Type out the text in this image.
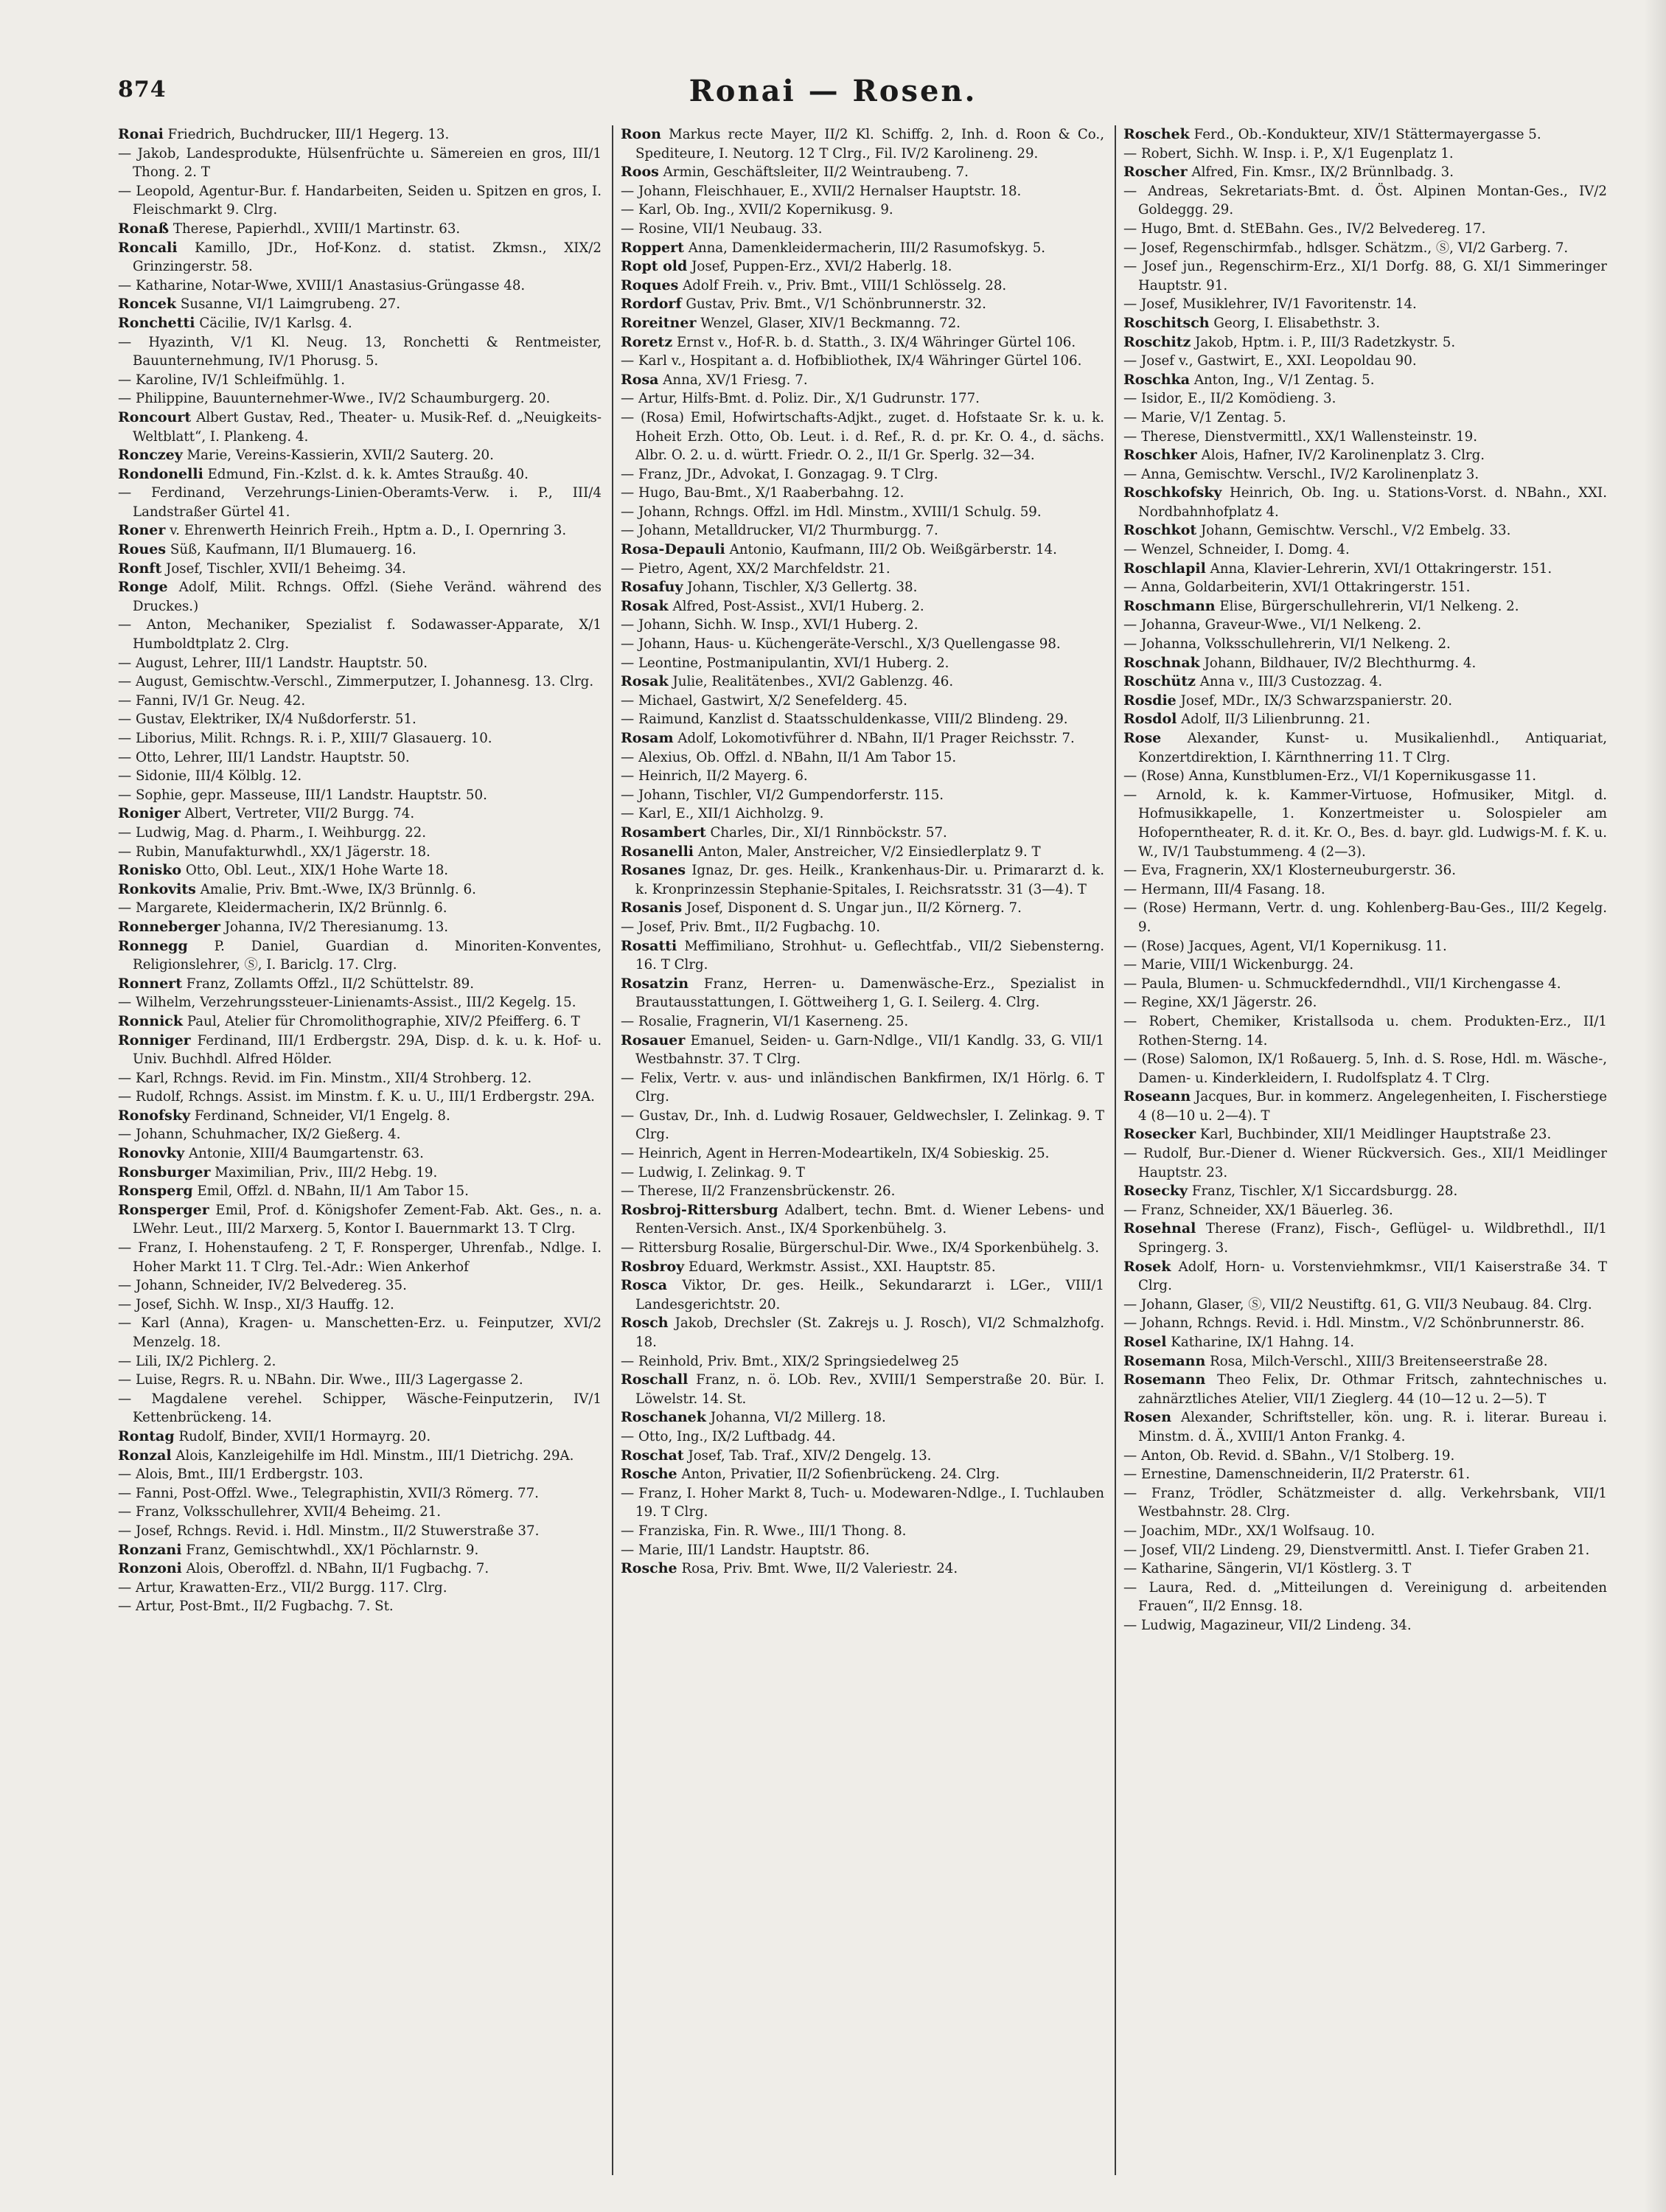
874	Ronai — Rosen.
Ronai Friedrich, Buchdrucker, III/1 Hegerg. 13.
— Jakob, Landesprodukte, Hülsenfrüchte u. Sämereien en gros, III/1 Thong. 2. T
— Leopold, Agentur-Bur. f. Handarbeiten, Seiden u. Spitzen en gros, I. Fleischmarkt 9. Clrg.
Ronaß Therese, Papierhdl., XVIII/1 Martinstr. 63.
Roncali Kamillo, JDr., Hof-Konz. d. statist. Zkmsn., XIX/2 Grinzingerstr. 58.
— Katharine, Notar-Wwe, XVIII/1 Anastasius-Grüngasse 48.
Roncek Susanne, VI/1 Laimgrubeng. 27.
Ronchetti Cäcilie, IV/1 Karlsg. 4.
— Hyazinth, V/1 Kl. Neug. 13, Ronchetti & Rentmeister, Bauunternehmung, IV/1 Phorusg. 5.
— Karoline, IV/1 Schleifmühlg. 1.
— Philippine, Bauunternehmer-Wwe., IV/2 Schaumburgerg. 20.
Roncourt Albert Gustav, Red., Theater- u. Musik-Ref. d. „Neuigkeits-Weltblatt“, I. Plankeng. 4.
Ronczey Marie, Vereins-Kassierin, XVII/2 Sauterg. 20.
Rondonelli Edmund, Fin.-Kzlst. d. k. k. Amtes Straußg. 40.
— Ferdinand, Verzehrungs-Linien-Oberamts-Verw. i. P., III/4 Landstraßer Gürtel 41.
Roner v. Ehrenwerth Heinrich Freih., Hptm a. D., I. Opernring 3.
Roues Süß, Kaufmann, II/1 Blumauerg. 16.
Ronft Josef, Tischler, XVII/1 Beheimg. 34.
Ronge Adolf, Milit. Rchngs. Offzl. (Siehe Veränd. während des Druckes.)
— Anton, Mechaniker, Spezialist f. Sodawasser-Apparate, X/1 Humboldtplatz 2. Clrg.
— August, Lehrer, III/1 Landstr. Hauptstr. 50.
— August, Gemischtw.-Verschl., Zimmerputzer, I. Johannesg. 13. Clrg.
— Fanni, IV/1 Gr. Neug. 42.
— Gustav, Elektriker, IX/4 Nußdorferstr. 51.
— Liborius, Milit. Rchngs. R. i. P., XIII/7 Glasauerg. 10.
— Otto, Lehrer, III/1 Landstr. Hauptstr. 50.
— Sidonie, III/4 Kölblg. 12.
— Sophie, gepr. Masseuse, III/1 Landstr. Hauptstr. 50.
Roniger Albert, Vertreter, VII/2 Burgg. 74.
— Ludwig, Mag. d. Pharm., I. Weihburgg. 22.
— Rubin, Manufakturwhdl., XX/1 Jägerstr. 18.
Ronisko Otto, Obl. Leut., XIX/1 Hohe Warte 18.
Ronkovits Amalie, Priv. Bmt.-Wwe, IX/3 Brünnlg. 6.
— Margarete, Kleidermacherin, IX/2 Brünnlg. 6.
Ronneberger Johanna, IV/2 Theresianumg. 13.
Ronnegg P. Daniel, Guardian d. Minoriten-Konventes, Religionslehrer, Ⓢ, I. Bariclg. 17. Clrg.
Ronnert Franz, Zollamts Offzl., II/2 Schüttelstr. 89.
— Wilhelm, Verzehrungssteuer-Linienamts-Assist., III/2 Kegelg. 15.
Ronnick Paul, Atelier für Chromolithographie, XIV/2 Pfeifferg. 6. T
Ronniger Ferdinand, III/1 Erdbergstr. 29A, Disp. d. k. u. k. Hof- u. Univ. Buchhdl. Alfred Hölder.
— Karl, Rchngs. Revid. im Fin. Minstm., XII/4 Strohberg. 12.
— Rudolf, Rchngs. Assist. im Minstm. f. K. u. U., III/1 Erdbergstr. 29A.
Ronofsky Ferdinand, Schneider, VI/1 Engelg. 8.
— Johann, Schuhmacher, IX/2 Gießerg. 4.
Ronovky Antonie, XIII/4 Baumgartenstr. 63.
Ronsburger Maximilian, Priv., III/2 Hebg. 19.
Ronsperg Emil, Offzl. d. NBahn, II/1 Am Tabor 15.
Ronsperger Emil, Prof. d. Königshofer Zement-Fab. Akt. Ges., n. a. LWehr. Leut., III/2 Marxerg. 5, Kontor I. Bauernmarkt 13. T Clrg.
— Franz, I. Hohenstaufeng. 2 T, F. Ronsperger, Uhrenfab., Ndlge. I. Hoher Markt 11. T Clrg. Tel.-Adr.: Wien Ankerhof
— Johann, Schneider, IV/2 Belvedereg. 35.
— Josef, Sichh. W. Insp., XI/3 Hauffg. 12.
— Karl (Anna), Kragen- u. Manschetten-Erz. u. Feinputzer, XVI/2 Menzelg. 18.
— Lili, IX/2 Pichlerg. 2.
— Luise, Regrs. R. u. NBahn. Dir. Wwe., III/3 Lagergasse 2.
— Magdalene verehel. Schipper, Wäsche-Feinputzerin, IV/1 Kettenbrückeng. 14.
Rontag Rudolf, Binder, XVII/1 Hormayrg. 20.
Ronzal Alois, Kanzleigehilfe im Hdl. Minstm., III/1 Dietrichg. 29A.
— Alois, Bmt., III/1 Erdbergstr. 103.
— Fanni, Post-Offzl. Wwe., Telegraphistin, XVII/3 Römerg. 77.
— Franz, Volksschullehrer, XVII/4 Beheimg. 21.
— Josef, Rchngs. Revid. i. Hdl. Minstm., II/2 Stuwerstraße 37.
Ronzani Franz, Gemischtwhdl., XX/1 Pöchlarnstr. 9.
Ronzoni Alois, Oberoffzl. d. NBahn, II/1 Fugbachg. 7.
— Artur, Krawatten-Erz., VII/2 Burgg. 117. Clrg.
— Artur, Post-Bmt., II/2 Fugbachg. 7. St.
Roon Markus recte Mayer, II/2 Kl. Schiffg. 2, Inh. d. Roon & Co., Spediteure, I. Neutorg. 12 T Clrg., Fil. IV/2 Karolineng. 29.
Roos Armin, Geschäftsleiter, II/2 Weintraubeng. 7.
— Johann, Fleischhauer, E., XVII/2 Hernalser Hauptstr. 18.
— Karl, Ob. Ing., XVII/2 Kopernikusg. 9.
— Rosine, VII/1 Neubaug. 33.
Roppert Anna, Damenkleidermacherin, III/2 Rasumofskyg. 5.
Ropt old Josef, Puppen-Erz., XVI/2 Haberlg. 18.
Roques Adolf Freih. v., Priv. Bmt., VIII/1 Schlösselg. 28.
Rordorf Gustav, Priv. Bmt., V/1 Schönbrunnerstr. 32.
Roreitner Wenzel, Glaser, XIV/1 Beckmanng. 72.
Roretz Ernst v., Hof-R. b. d. Statth., 3. IX/4 Währinger Gürtel 106.
— Karl v., Hospitant a. d. Hofbibliothek, IX/4 Währinger Gürtel 106.
Rosa Anna, XV/1 Friesg. 7.
— Artur, Hilfs-Bmt. d. Poliz. Dir., X/1 Gudrunstr. 177.
— (Rosa) Emil, Hofwirtschafts-Adjkt., zuget. d. Hofstaate Sr. k. u. k. Hoheit Erzh. Otto, Ob. Leut. i. d. Ref., R. d. pr. Kr. O. 4., d. sächs. Albr. O. 2. u. d. württ. Friedr. O. 2., II/1 Gr. Sperlg. 32—34.
— Franz, JDr., Advokat, I. Gonzagag. 9. T Clrg.
— Hugo, Bau-Bmt., X/1 Raaberbahng. 12.
— Johann, Rchngs. Offzl. im Hdl. Minstm., XVIII/1 Schulg. 59.
— Johann, Metalldrucker, VI/2 Thurmburgg. 7.
Rosa-Depauli Antonio, Kaufmann, III/2 Ob. Weißgärberstr. 14.
— Pietro, Agent, XX/2 Marchfeldstr. 21.
Rosafuy Johann, Tischler, X/3 Gellertg. 38.
Rosak Alfred, Post-Assist., XVI/1 Huberg. 2.
— Johann, Sichh. W. Insp., XVI/1 Huberg. 2.
— Johann, Haus- u. Küchengeräte-Verschl., X/3 Quellengasse 98.
— Leontine, Postmanipulantin, XVI/1 Huberg. 2.
Rosak Julie, Realitätenbes., XVI/2 Gablenzg. 46.
— Michael, Gastwirt, X/2 Senefelderg. 45.
— Raimund, Kanzlist d. Staatsschuldenkasse, VIII/2 Blindeng. 29.
Rosam Adolf, Lokomotivführer d. NBahn, II/1 Prager Reichsstr. 7.
— Alexius, Ob. Offzl. d. NBahn, II/1 Am Tabor 15.
— Heinrich, II/2 Mayerg. 6.
— Johann, Tischler, VI/2 Gumpendorferstr. 115.
— Karl, E., XII/1 Aichholzg. 9.
Rosambert Charles, Dir., XI/1 Rinnböckstr. 57.
Rosanelli Anton, Maler, Anstreicher, V/2 Einsiedlerplatz 9. T
Rosanes Ignaz, Dr. ges. Heilk., Krankenhaus-Dir. u. Primararzt d. k. k. Kronprinzessin Stephanie-Spitales, I. Reichsratsstr. 31 (3—4). T
Rosanis Josef, Disponent d. S. Ungar jun., II/2 Körnerg. 7.
— Josef, Priv. Bmt., II/2 Fugbachg. 10.
Rosatti Meffimiliano, Strohhut- u. Geflechtfab., VII/2 Siebensterng. 16. T Clrg.
Rosatzin Franz, Herren- u. Damenwäsche-Erz., Spezialist in Brautausstattungen, I. Göttweiherg 1, G. I. Seilerg. 4. Clrg.
— Rosalie, Fragnerin, VI/1 Kaserneng. 25.
Rosauer Emanuel, Seiden- u. Garn-Ndlge., VII/1 Kandlg. 33, G. VII/1 Westbahnstr. 37. T Clrg.
— Felix, Vertr. v. aus- und inländischen Bankfirmen, IX/1 Hörlg. 6. T Clrg.
— Gustav, Dr., Inh. d. Ludwig Rosauer, Geldwechsler, I. Zelinkag. 9. T Clrg.
— Heinrich, Agent in Herren-Modeartikeln, IX/4 Sobieskig. 25.
— Ludwig, I. Zelinkag. 9. T
— Therese, II/2 Franzensbrückenstr. 26.
Rosbroj-Rittersburg Adalbert, techn. Bmt. d. Wiener Lebens- und Renten-Versich. Anst., IX/4 Sporkenbühelg. 3.
— Rittersburg Rosalie, Bürgerschul-Dir. Wwe., IX/4 Sporkenbühelg. 3.
Rosbroy Eduard, Werkmstr. Assist., XXI. Hauptstr. 85.
Rosca Viktor, Dr. ges. Heilk., Sekundararzt i. LGer., VIII/1 Landesgerichtstr. 20.
Rosch Jakob, Drechsler (St. Zakrejs u. J. Rosch), VI/2 Schmalzhofg. 18.
— Reinhold, Priv. Bmt., XIX/2 Springsiedelweg 25
Roschall Franz, n. ö. LOb. Rev., XVIII/1 Semperstraße 20. Bür. I. Löwelstr. 14. St.
Roschanek Johanna, VI/2 Millerg. 18.
— Otto, Ing., IX/2 Luftbadg. 44.
Roschat Josef, Tab. Traf., XIV/2 Dengelg. 13.
Rosche Anton, Privatier, II/2 Sofienbrückeng. 24. Clrg.
— Franz, I. Hoher Markt 8, Tuch- u. Modewaren-Ndlge., I. Tuchlauben 19. T Clrg.
— Franziska, Fin. R. Wwe., III/1 Thong. 8.
— Marie, III/1 Landstr. Hauptstr. 86.
Rosche Rosa, Priv. Bmt. Wwe, II/2 Valeriestr. 24.
Roschek Ferd., Ob.-Kondukteur, XIV/1 Stättermayergasse 5.
— Robert, Sichh. W. Insp. i. P., X/1 Eugenplatz 1.
Roscher Alfred, Fin. Kmsr., IX/2 Brünnlbadg. 3.
— Andreas, Sekretariats-Bmt. d. Öst. Alpinen Montan-Ges., IV/2 Goldeggg. 29.
— Hugo, Bmt. d. StEBahn. Ges., IV/2 Belvedereg. 17.
— Josef, Regenschirmfab., hdlsger. Schätzm., Ⓢ, VI/2 Garberg. 7.
— Josef jun., Regenschirm-Erz., XI/1 Dorfg. 88, G. XI/1 Simmeringer Hauptstr. 91.
— Josef, Musiklehrer, IV/1 Favoritenstr. 14.
Roschitsch Georg, I. Elisabethstr. 3.
Roschitz Jakob, Hptm. i. P., III/3 Radetzkystr. 5.
— Josef v., Gastwirt, E., XXI. Leopoldau 90.
Roschka Anton, Ing., V/1 Zentag. 5.
— Isidor, E., II/2 Komödieng. 3.
— Marie, V/1 Zentag. 5.
— Therese, Dienstvermittl., XX/1 Wallensteinstr. 19.
Roschker Alois, Hafner, IV/2 Karolinenplatz 3. Clrg.
— Anna, Gemischtw. Verschl., IV/2 Karolinenplatz 3.
Roschkofsky Heinrich, Ob. Ing. u. Stations-Vorst. d. NBahn., XXI. Nordbahnhofplatz 4.
Roschkot Johann, Gemischtw. Verschl., V/2 Embelg. 33.
— Wenzel, Schneider, I. Domg. 4.
Roschlapil Anna, Klavier-Lehrerin, XVI/1 Ottakringerstr. 151.
— Anna, Goldarbeiterin, XVI/1 Ottakringerstr. 151.
Roschmann Elise, Bürgerschullehrerin, VI/1 Nelkeng. 2.
— Johanna, Graveur-Wwe., VI/1 Nelkeng. 2.
— Johanna, Volksschullehrerin, VI/1 Nelkeng. 2.
Roschnak Johann, Bildhauer, IV/2 Blechthurmg. 4.
Roschütz Anna v., III/3 Custozzag. 4.
Rosdie Josef, MDr., IX/3 Schwarzspanierstr. 20.
Rosdol Adolf, II/3 Lilienbrunng. 21.
Rose Alexander, Kunst- u. Musikalienhdl., Antiquariat, Konzertdirektion, I. Kärnthnerring 11. T Clrg.
— (Rose) Anna, Kunstblumen-Erz., VI/1 Kopernikusgasse 11.
— Arnold, k. k. Kammer-Virtuose, Hofmusiker, Mitgl. d. Hofmusikkapelle, 1. Konzertmeister u. Solospieler am Hofoperntheater, R. d. it. Kr. O., Bes. d. bayr. gld. Ludwigs-M. f. K. u. W., IV/1 Taubstummeng. 4 (2—3).
— Eva, Fragnerin, XX/1 Klosterneuburgerstr. 36.
— Hermann, III/4 Fasang. 18.
— (Rose) Hermann, Vertr. d. ung. Kohlenberg-Bau-Ges., III/2 Kegelg. 9.
— (Rose) Jacques, Agent, VI/1 Kopernikusg. 11.
— Marie, VIII/1 Wickenburgg. 24.
— Paula, Blumen- u. Schmuckfederndhdl., VII/1 Kirchengasse 4.
— Regine, XX/1 Jägerstr. 26.
— Robert, Chemiker, Kristallsoda u. chem. Produkten-Erz., II/1 Rothen-Sterng. 14.
— (Rose) Salomon, IX/1 Roßauerg. 5, Inh. d. S. Rose, Hdl. m. Wäsche-, Damen- u. Kinderkleidern, I. Rudolfsplatz 4. T Clrg.
Roseann Jacques, Bur. in kommerz. Angelegenheiten, I. Fischerstiege 4 (8—10 u. 2—4). T
Rosecker Karl, Buchbinder, XII/1 Meidlinger Hauptstraße 23.
— Rudolf, Bur.-Diener d. Wiener Rückversich. Ges., XII/1 Meidlinger Hauptstr. 23.
Rosecky Franz, Tischler, X/1 Siccardsburgg. 28.
— Franz, Schneider, XX/1 Bäuerleg. 36.
Rosehnal Therese (Franz), Fisch-, Geflügel- u. Wildbrethdl., II/1 Springerg. 3.
Rosek Adolf, Horn- u. Vorstenviehmkmsr., VII/1 Kaiserstraße 34. T Clrg.
— Johann, Glaser, Ⓢ, VII/2 Neustiftg. 61, G. VII/3 Neubaug. 84. Clrg.
— Johann, Rchngs. Revid. i. Hdl. Minstm., V/2 Schönbrunnerstr. 86.
Rosel Katharine, IX/1 Hahng. 14.
Rosemann Rosa, Milch-Verschl., XIII/3 Breitenseerstraße 28.
Rosemann Theo Felix, Dr. Othmar Fritsch, zahntechnisches u. zahnärztliches Atelier, VII/1 Zieglerg. 44 (10—12 u. 2—5). T
Rosen Alexander, Schriftsteller, kön. ung. R. i. literar. Bureau i. Minstm. d. Ä., XVIII/1 Anton Frankg. 4.
— Anton, Ob. Revid. d. SBahn., V/1 Stolberg. 19.
— Ernestine, Damenschneiderin, II/2 Praterstr. 61.
— Franz, Trödler, Schätzmeister d. allg. Verkehrsbank, VII/1 Westbahnstr. 28. Clrg.
— Joachim, MDr., XX/1 Wolfsaug. 10.
— Josef, VII/2 Lindeng. 29, Dienstvermittl. Anst. I. Tiefer Graben 21.
— Katharine, Sängerin, VI/1 Köstlerg. 3. T
— Laura, Red. d. „Mitteilungen d. Vereinigung d. arbeitenden Frauen“, II/2 Ennsg. 18.
— Ludwig, Magazineur, VII/2 Lindeng. 34.
